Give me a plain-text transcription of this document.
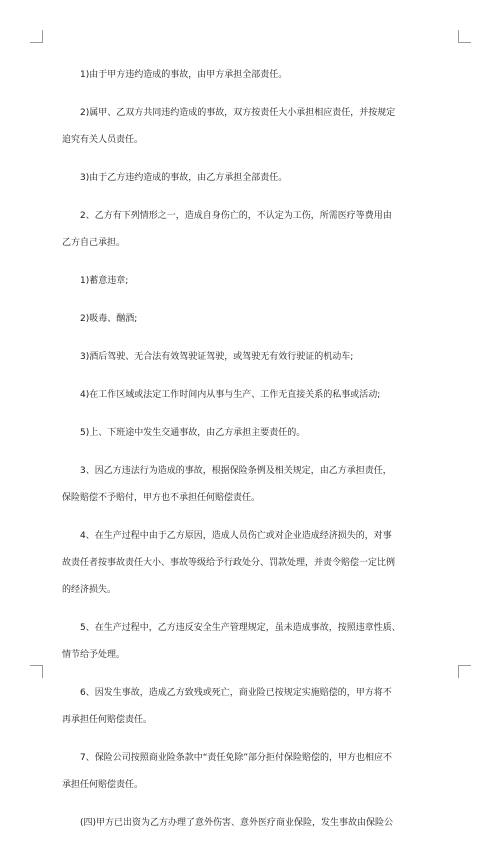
1)由于甲方违约造成的事故，由甲方承担全部责任。
2)属甲、乙双方共同违约造成的事故，双方按责任大小承担相应责任，并按规定
追究有关人员责任。
3)由于乙方违约造成的事故，由乙方承担全部责任。
2、乙方有下列情形之一，造成自身伤亡的，不认定为工伤，所需医疗等费用由
乙方自己承担。
1)蓄意违章;
2)吸毒、酗酒;
3)酒后驾驶、无合法有效驾驶证驾驶，或驾驶无有效行驶证的机动车;
4)在工作区域或法定工作时间内从事与生产、工作无直接关系的私事或活动;
5)上、下班途中发生交通事故，由乙方承担主要责任的。
3、因乙方违法行为造成的事故，根据保险条例及相关规定，由乙方承担责任，
保险赔偿不予赔付，甲方也不承担任何赔偿责任。
4、在生产过程中由于乙方原因，造成人员伤亡或对企业造成经济损失的，对事
故责任者按事故责任大小、事故等级给予行政处分、罚款处理，并责令赔偿一定比例
的经济损失。
5、在生产过程中，乙方违反安全生产管理规定，虽未造成事故，按照违章性质、
情节给予处理。
6、因发生事故，造成乙方致残或死亡，商业险已按规定实施赔偿的，甲方将不
再承担任何赔偿责任。
7、保险公司按照商业险条款中“责任免除”部分拒付保险赔偿的，甲方也相应不
承担任何赔偿责任。
(四)甲方已出资为乙方办理了意外伤害、意外医疗商业保险，发生事故由保险公
